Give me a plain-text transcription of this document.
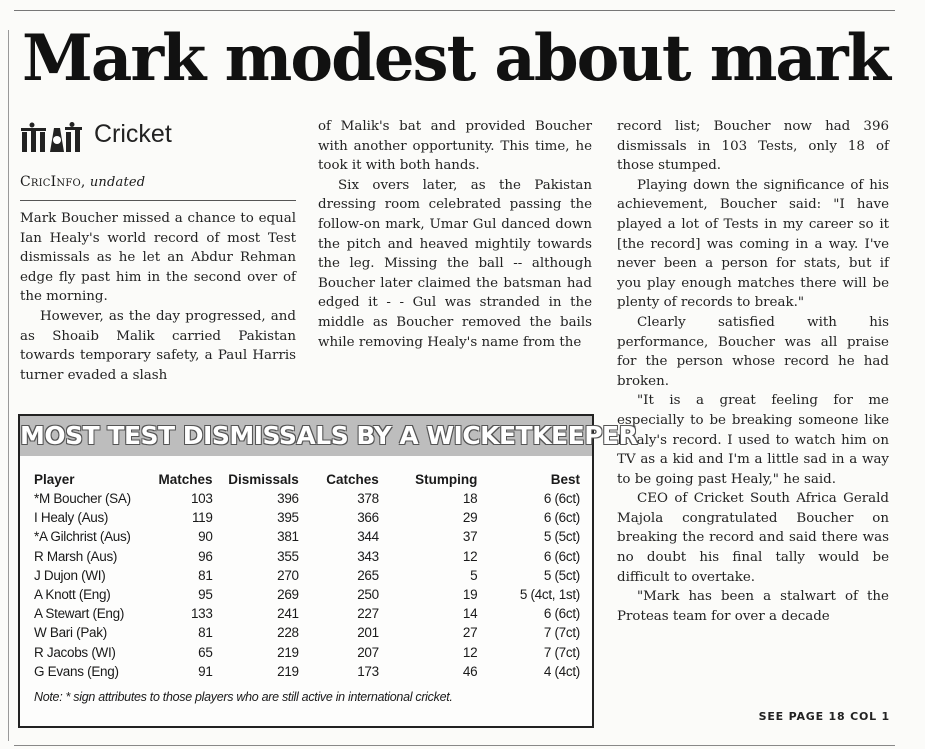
Mark modest about mark
Cricket
CricInfo, undated

Mark Boucher missed a chance to equal Ian Healy's world record of most Test dismissals as he let an Abdur Rehman edge fly past him in the second over of the morning.

However, as the day progressed, and as Shoaib Malik carried Pakistan towards temporary safety, a Paul Harris turner evaded a slash

of Malik's bat and provided Boucher with another opportunity. This time, he took it with both hands.

Six overs later, as the Pakistan dressing room celebrated passing the follow-on mark, Umar Gul danced down the pitch and heaved mightily towards the leg. Missing the ball -- although Boucher later claimed the batsman had edged it - - Gul was stranded in the middle as Boucher removed the bails while removing Healy's name from the

record list; Boucher now had 396 dismissals in 103 Tests, only 18 of those stumped.

Playing down the significance of his achievement, Boucher said: "I have played a lot of Tests in my career so it [the record] was coming in a way. I've never been a person for stats, but if you play enough matches there will be plenty of records to break."

Clearly satisfied with his performance, Boucher was all praise for the person whose record he had broken.

"It is a great feeling for me especially to be breaking someone like Healy's record. I used to watch him on TV as a kid and I'm a little sad in a way to be going past Healy," he said.

CEO of Cricket South Africa Gerald Majola congratulated Boucher on breaking the record and said there was no doubt his final tally would be difficult to overtake.

"Mark has been a stalwart of the Proteas team for over a decade

SEE PAGE 18 COL 1
MOST TEST DISMISSALS BY A WICKETKEEPER
Player	Matches	Dismissals	Catches	Stumping	Best
*M Boucher (SA)	103	396	378	18	6 (6ct)
I Healy (Aus)	119	395	366	29	6 (6ct)
*A Gilchrist (Aus)	90	381	344	37	5 (5ct)
R Marsh (Aus)	96	355	343	12	6 (6ct)
J Dujon (WI)	81	270	265	5	5 (5ct)
A Knott (Eng)	95	269	250	19	5 (4ct, 1st)
A Stewart (Eng)	133	241	227	14	6 (6ct)
W Bari (Pak)	81	228	201	27	7 (7ct)
R Jacobs (WI)	65	219	207	12	7 (7ct)
G Evans (Eng)	91	219	173	46	4 (4ct)
Note: * sign attributes to those players who are still active in international cricket.
